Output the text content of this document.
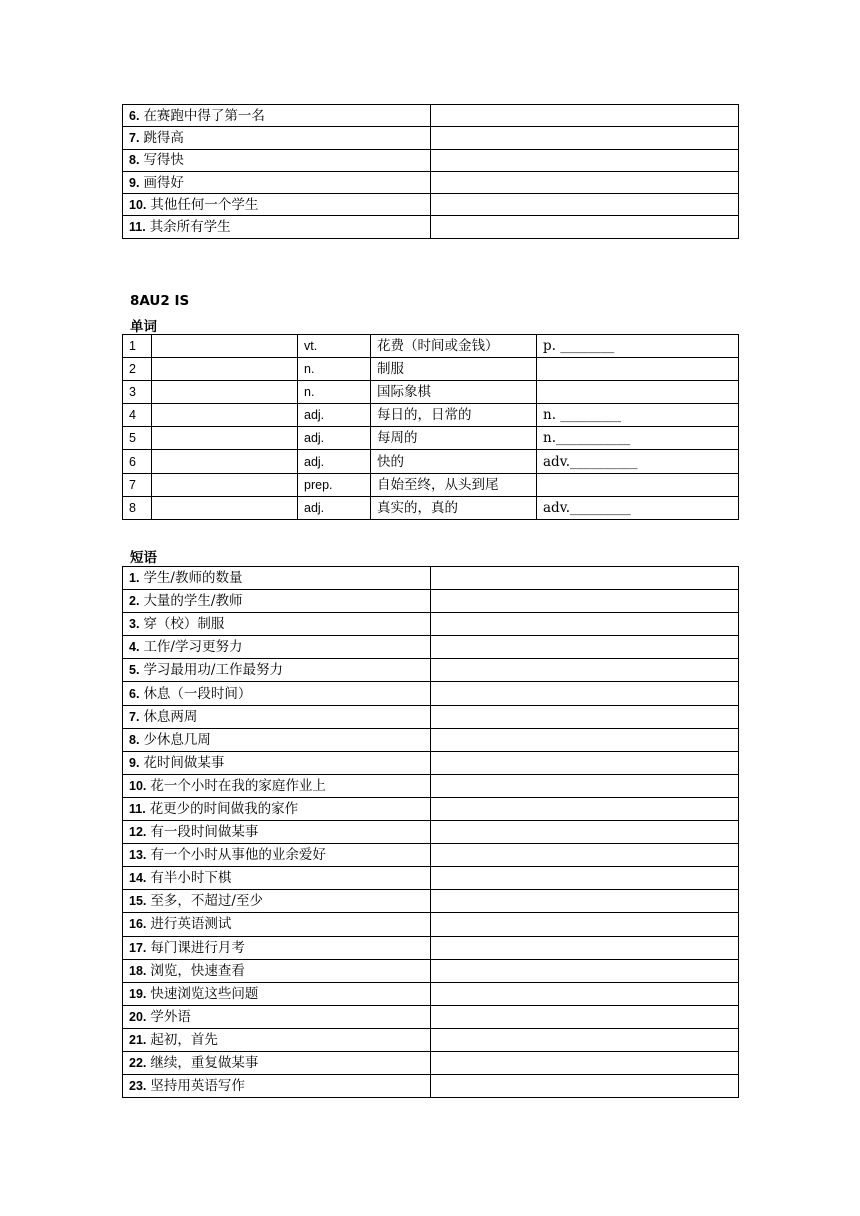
6. 在赛跑中得了第一名	
7. 跳得高	
8. 写得快	
9. 画得好	
10. 其他任何一个学生	
11. 其余所有学生	
8AU2 IS
单词
1		vt.	花费（时间或金钱）	p. ________
2		n.	制服	
3		n.	国际象棋	
4		adj.	每日的，日常的	n. _________
5		adj.	每周的	n.___________
6		adj.	快的	adv.__________
7		prep.	自始至终，从头到尾	
8		adj.	真实的，真的	adv._________
短语
1. 学生/教师的数量	
2. 大量的学生/教师	
3. 穿（校）制服	
4. 工作/学习更努力	
5. 学习最用功/工作最努力	
6. 休息（一段时间）	
7. 休息两周	
8. 少休息几周	
9. 花时间做某事	
10. 花一个小时在我的家庭作业上	
11. 花更少的时间做我的家作	
12. 有一段时间做某事	
13. 有一个小时从事他的业余爱好	
14. 有半小时下棋	
15. 至多，不超过/至少	
16. 进行英语测试	
17. 每门课进行月考	
18. 浏览，快速查看	
19. 快速浏览这些问题	
20. 学外语	
21. 起初，首先	
22. 继续，重复做某事	
23. 坚持用英语写作	
